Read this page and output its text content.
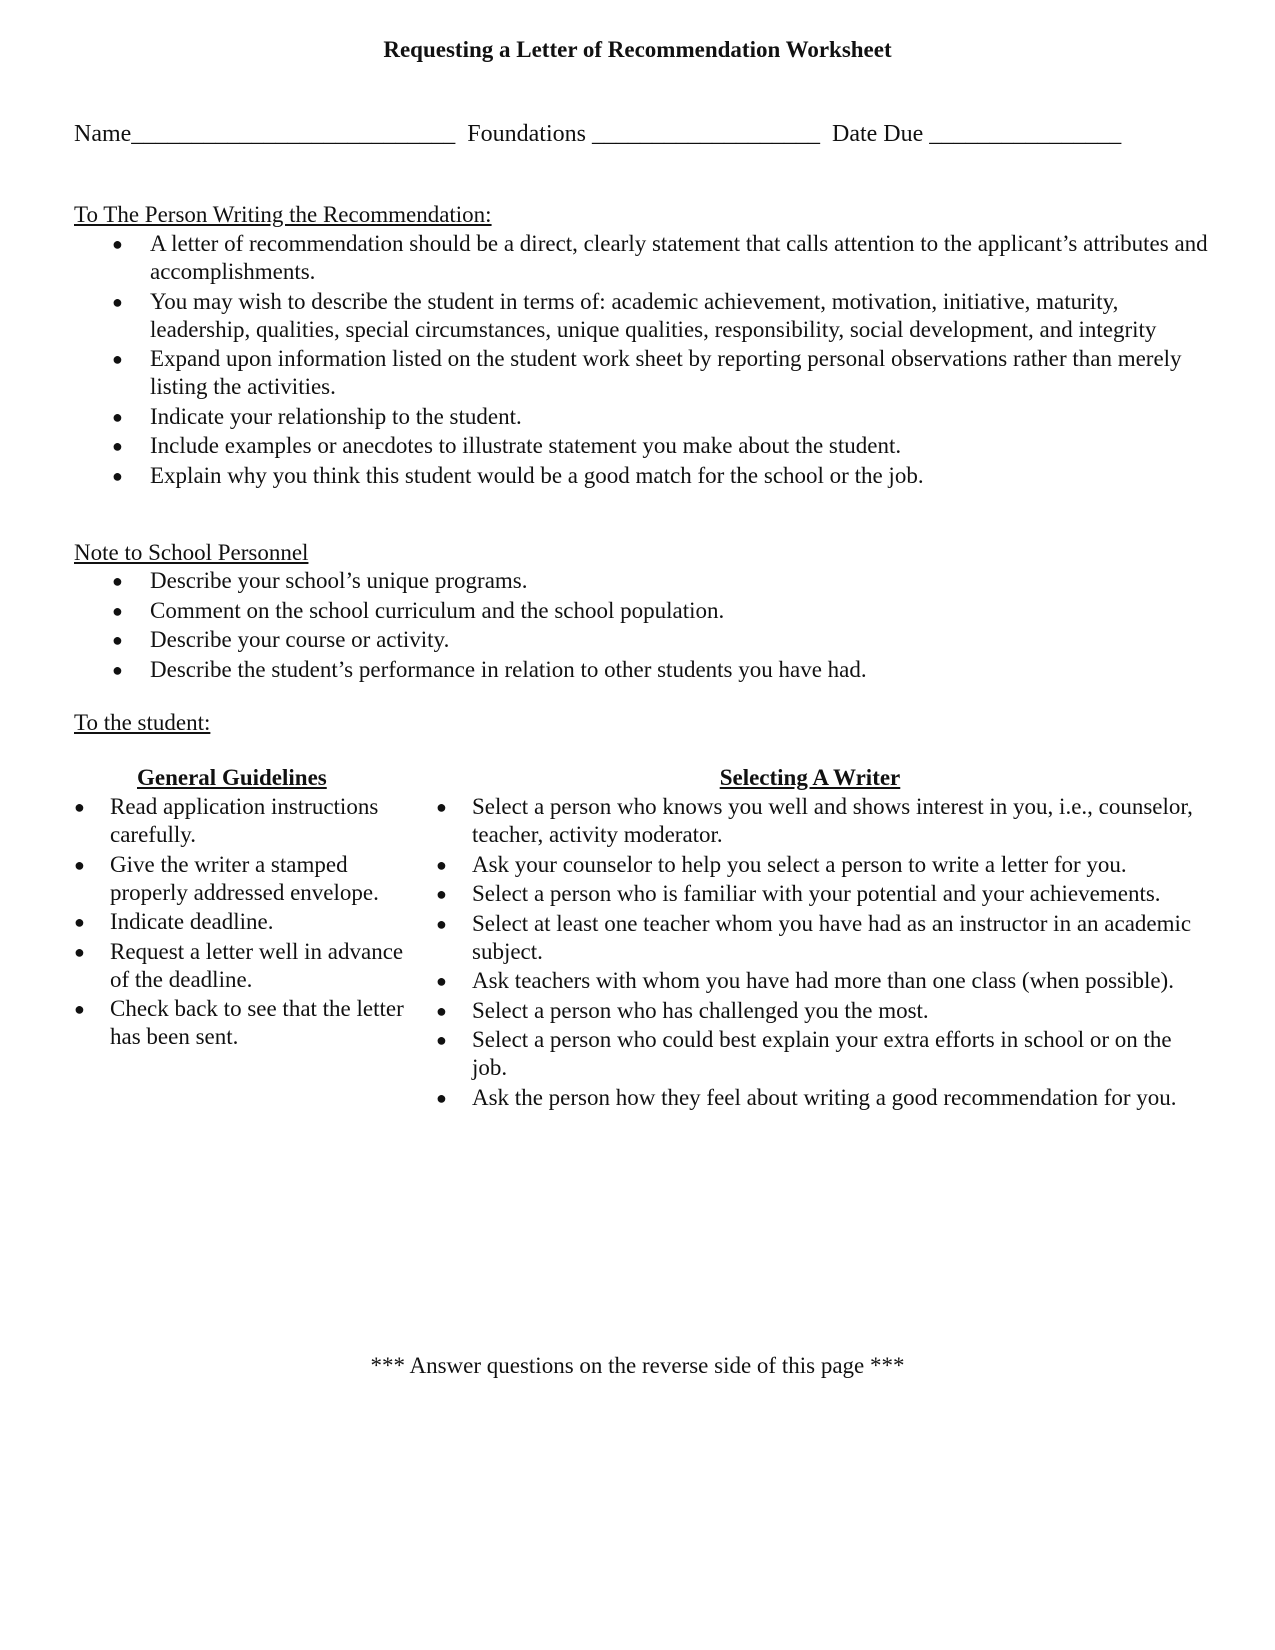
Requesting a Letter of Recommendation Worksheet
Name___________________________  Foundations ___________________  Date Due ________________
To The Person Writing the Recommendation:
● A letter of recommendation should be a direct, clearly statement that calls attention to the applicant’s attributes and accomplishments.
● You may wish to describe the student in terms of: academic achievement, motivation, initiative, maturity, leadership, qualities, special circumstances, unique qualities, responsibility, social development, and integrity
● Expand upon information listed on the student work sheet by reporting personal observations rather than merely listing the activities.
● Indicate your relationship to the student.
● Include examples or anecdotes to illustrate statement you make about the student.
● Explain why you think this student would be a good match for the school or the job.
Note to School Personnel
● Describe your school’s unique programs.
● Comment on the school curriculum and the school population.
● Describe your course or activity.
● Describe the student’s performance in relation to other students you have had.
To the student:
General Guidelines
● Read application instructions carefully.
● Give the writer a stamped properly addressed envelope.
● Indicate deadline.
● Request a letter well in advance of the deadline.
● Check back to see that the letter has been sent.
Selecting A Writer
● Select a person who knows you well and shows interest in you, i.e., counselor, teacher, activity moderator.
● Ask your counselor to help you select a person to write a letter for you.
● Select a person who is familiar with your potential and your achievements.
● Select at least one teacher whom you have had as an instructor in an academic subject.
● Ask teachers with whom you have had more than one class (when possible).
● Select a person who has challenged you the most.
● Select a person who could best explain your extra efforts in school or on the job.
● Ask the person how they feel about writing a good recommendation for you.
*** Answer questions on the reverse side of this page ***
